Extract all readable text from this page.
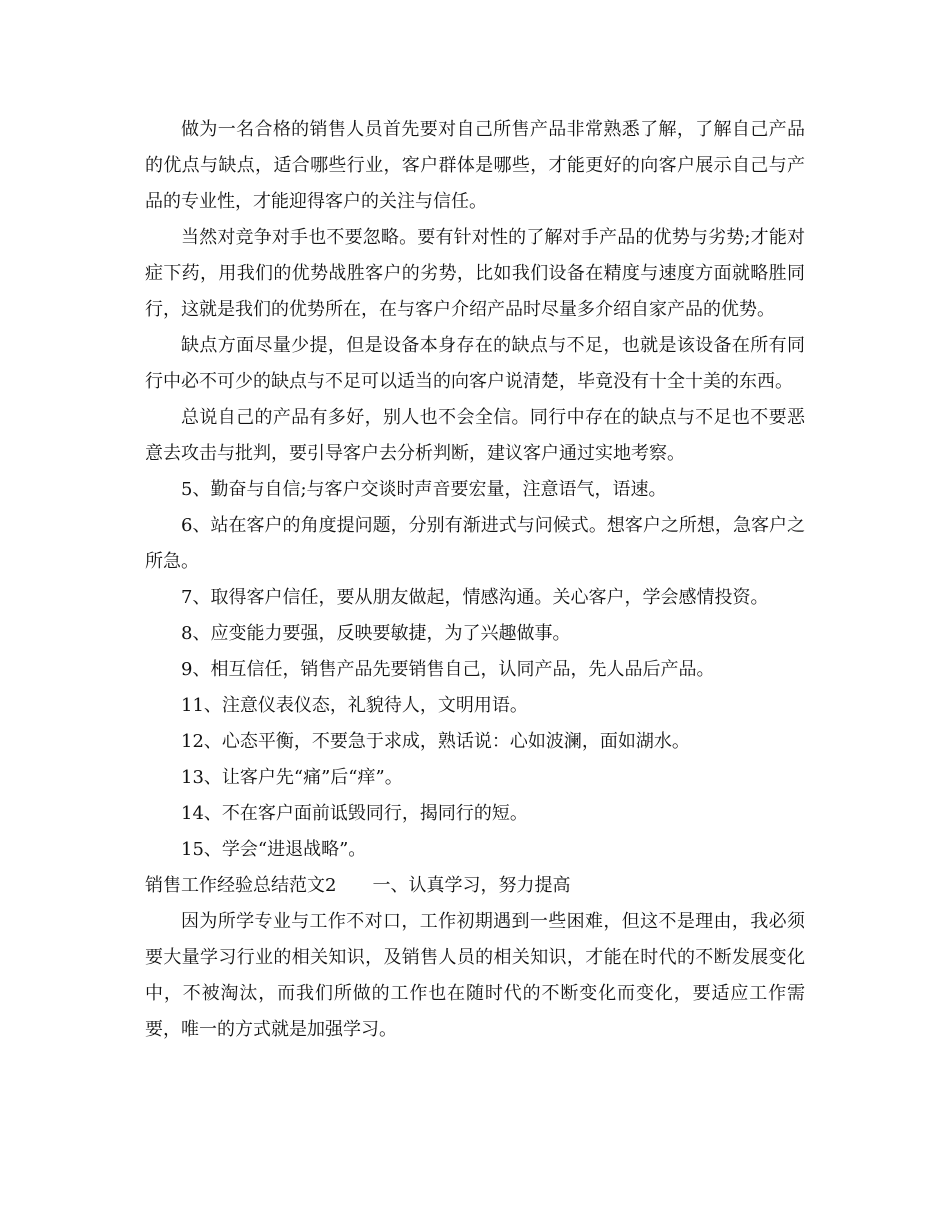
做为一名合格的销售人员首先要对自己所售产品非常熟悉了解，了解自己产品的优点与缺点，适合哪些行业，客户群体是哪些，才能更好的向客户展示自己与产品的专业性，才能迎得客户的关注与信任。

当然对竞争对手也不要忽略。要有针对性的了解对手产品的优势与劣势;才能对症下药，用我们的优势战胜客户的劣势，比如我们设备在精度与速度方面就略胜同行，这就是我们的优势所在，在与客户介绍产品时尽量多介绍自家产品的优势。

缺点方面尽量少提，但是设备本身存在的缺点与不足，也就是该设备在所有同行中必不可少的缺点与不足可以适当的向客户说清楚，毕竟没有十全十美的东西。

总说自己的产品有多好，别人也不会全信。同行中存在的缺点与不足也不要恶意去攻击与批判，要引导客户去分析判断，建议客户通过实地考察。

5、勤奋与自信;与客户交谈时声音要宏量，注意语气，语速。

6、站在客户的角度提问题，分别有渐进式与问候式。想客户之所想，急客户之所急。

7、取得客户信任，要从朋友做起，情感沟通。关心客户，学会感情投资。

8、应变能力要强，反映要敏捷，为了兴趣做事。

9、相互信任，销售产品先要销售自己，认同产品，先人品后产品。

11、注意仪表仪态，礼貌待人，文明用语。

12、心态平衡，不要急于求成，熟话说：心如波澜，面如湖水。

13、让客户先“痛”后“痒”。

14、不在客户面前诋毁同行，揭同行的短。

15、学会“进退战略”。

销售工作经验总结范文2　　一、认真学习，努力提高

因为所学专业与工作不对口，工作初期遇到一些困难，但这不是理由，我必须要大量学习行业的相关知识，及销售人员的相关知识，才能在时代的不断发展变化中，不被淘汰，而我们所做的工作也在随时代的不断变化而变化，要适应工作需要，唯一的方式就是加强学习。
